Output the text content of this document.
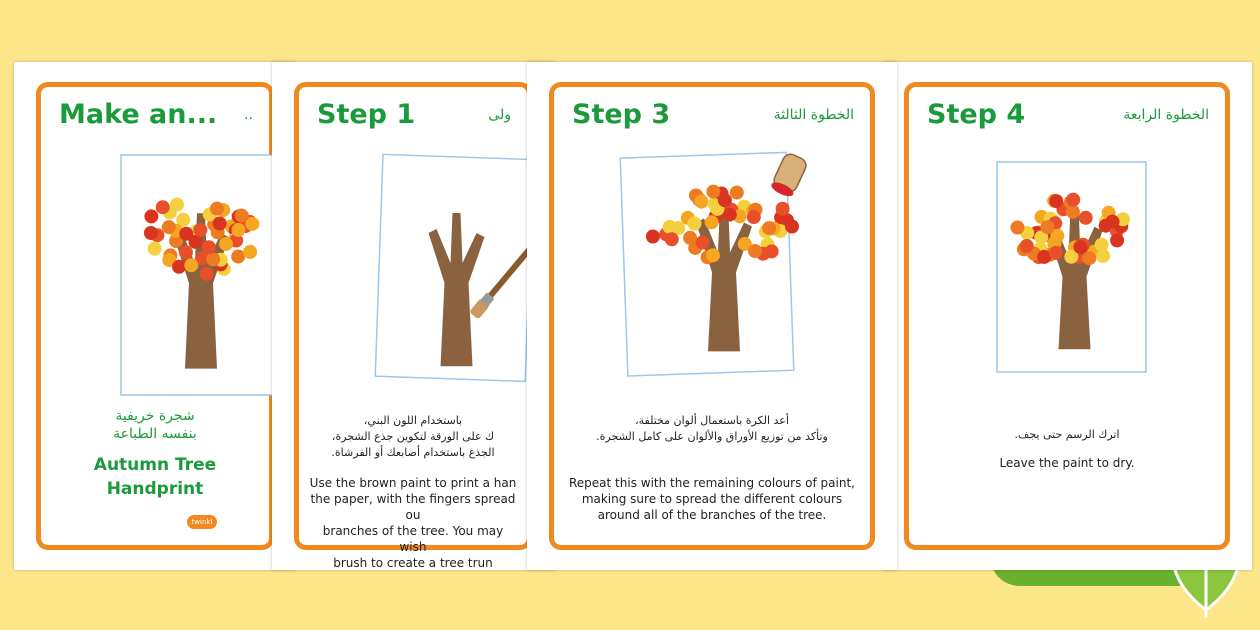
Make an... ..
شجرة خريفية
بنفسه الطباعة
Autumn Tree
Handprint
twinkl
Step 1	ولى
باستخدام اللون البني،
ك على الورقة لتكوين جذع الشجرة،
الجذع باستخدام أصابعك أو الفرشاة.
Use the brown paint to print a han
the paper, with the fingers spread ou
branches of the tree. You may wish
brush to create a tree trun
Step 3	الخطوة الثالثة
أعد الكرة باستعمال ألوان مختلفة،
وتأكد من توزيع الأوراق والألوان على كامل الشجرة.
Repeat this with the remaining colours of paint,
making sure to spread the different colours
around all of the branches of the tree.
Step 4	الخطوة الرابعة
اترك الرسم حتى يجف.
Leave the paint to dry.
